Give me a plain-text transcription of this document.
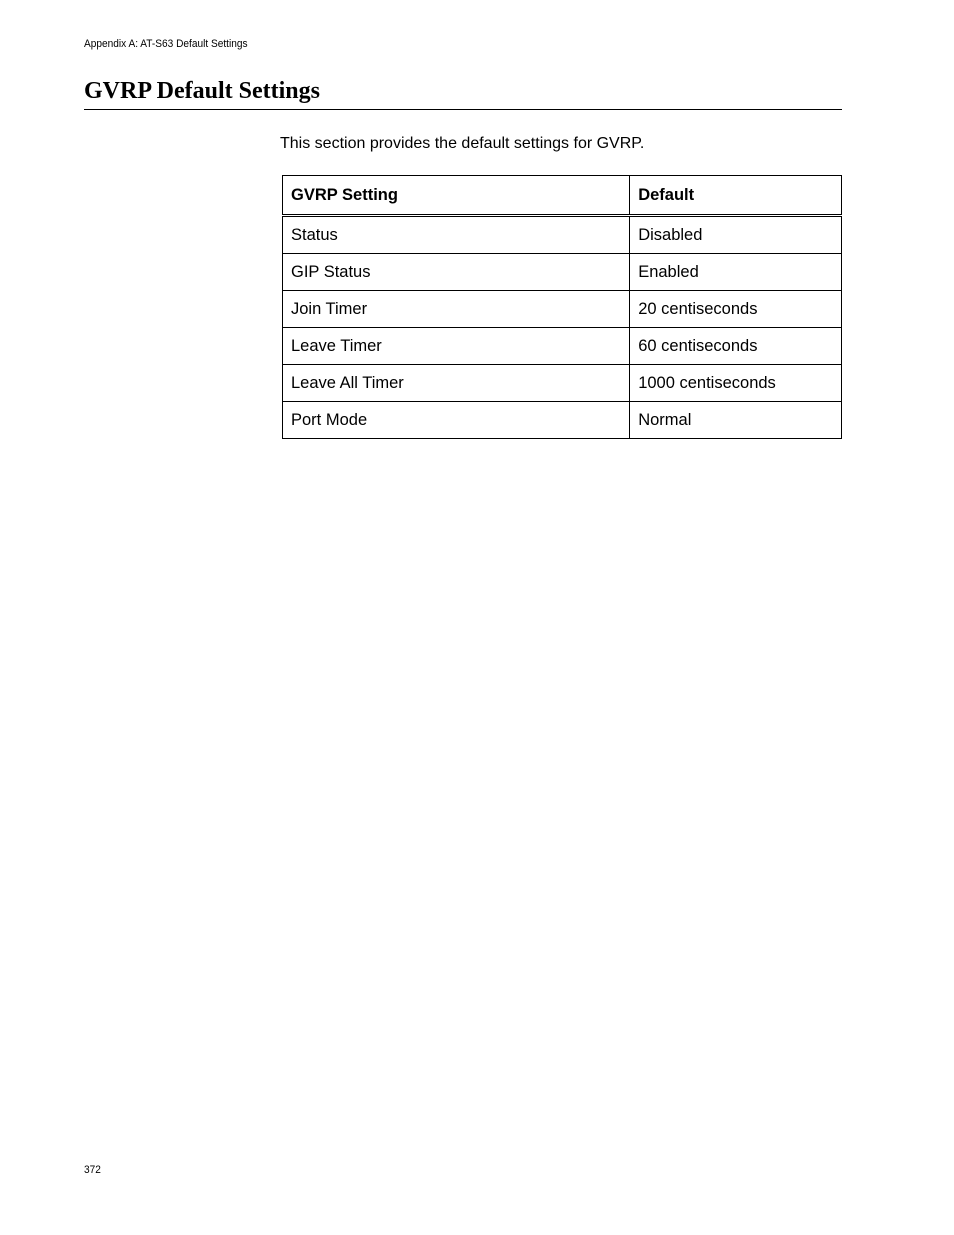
Appendix A: AT-S63 Default Settings
GVRP Default Settings
This section provides the default settings for GVRP.
GVRP Setting	Default
Status	Disabled
GIP Status	Enabled
Join Timer	20 centiseconds
Leave Timer	60 centiseconds
Leave All Timer	1000 centiseconds
Port Mode	Normal
372
